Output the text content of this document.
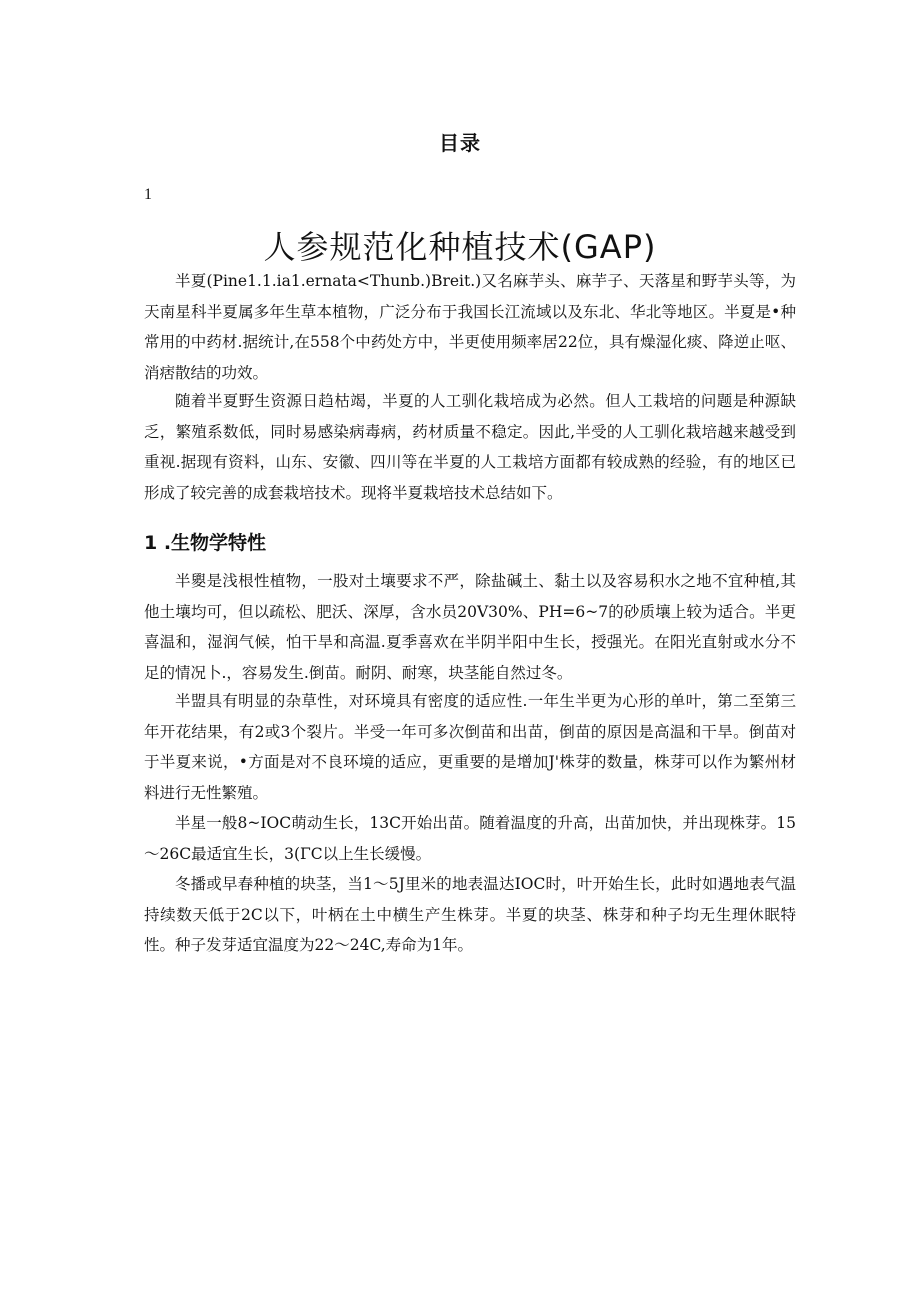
目录
1
人参规范化种植技术(GAP)

半夏(Pine1.1.ia1.ernata<Thunb.)Breit.)又名麻芋头、麻芋子、天落星和野芋头等，为天南星科半夏属多年生草本植物，广泛分布于我国长江流域以及东北、华北等地区。半夏是•种常用的中药材.据统计,在558个中药处方中，半更使用频率居22位，具有燥湿化痰、降逆止呕、消痞散结的功效。

随着半夏野生资源日趋枯竭，半夏的人工驯化栽培成为必然。但人工栽培的问题是种源缺乏，繁殖系数低，同时易感染病毒病，药材质量不稳定。因此,半受的人工驯化栽培越来越受到重视.据现有资料，山东、安徽、四川等在半夏的人工栽培方面都有较成熟的经验，有的地区已形成了较完善的成套栽培技术。现将半夏栽培技术总结如下。

1 .生物学特性

半夓是浅根性植物，一股对土壤要求不严，除盐碱土、黏土以及容易积水之地不宜种植,其他土壤均可，但以疏松、肥沃、深厚，含水员20V30%、PH=6~7的砂质壤上较为适合。半更喜温和，湿润气候，怕干旱和高温.夏季喜欢在半阴半阳中生长，授强光。在阳光直射或水分不足的情况卜.，容易发生.倒苗。耐阴、耐寒，块茎能自然过冬。

半盟具有明显的杂草性，对环境具有密度的适应性.一年生半更为心形的单叶，第二至第三年开花结果，有2或3个裂片。半受一年可多次倒苗和出苗，倒苗的原因是高温和干旱。倒苗对于半夏来说，•方面是对不良环境的适应，更重要的是增加J'株芽的数量，株芽可以作为繁州材料进行无性繁殖。

半星一般8~IOC萌动生长，13C开始出苗。随着温度的升高，出苗加快，并出现株芽。15～26C最适宜生长，3(ΓC以上生长缓慢。

冬播或早春种植的块茎，当1～5J里米的地表温达IOC时，叶开始生长，此时如遇地表气温持续数天低于2C以下，叶柄在土中横生产生株芽。半夏的块茎、株芽和种子均无生理休眠特性。种子发芽适宜温度为22～24C,寿命为1年。
